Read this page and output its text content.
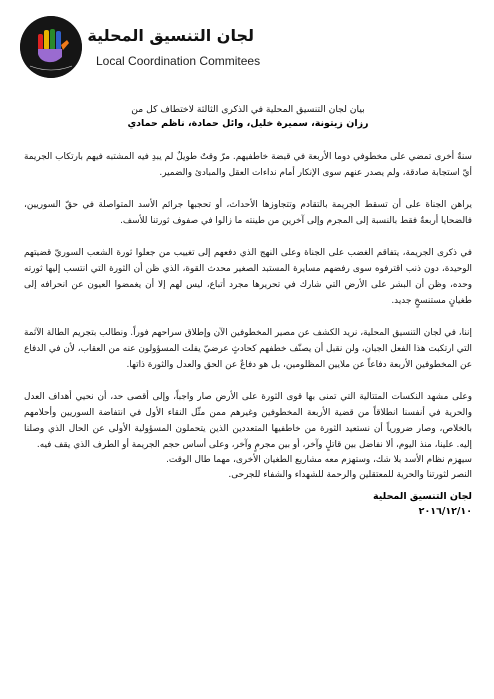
لجان التنسيق المحلية
Local Coordination Commitees
بيان لجان التنسيق المحلية في الذكرى الثالثة لاختطاف كل من
رزان زيتونة، سميرة خليل، وائل حمادة، ناظم حمادي

سنةٌ أخرى تمضي على مخطوفي دوما الأربعة في قبضة خاطفيهم. مرّ وقتٌ طويلٌ لم يبدِ فيه المشتبه فيهم بارتكاب الجريمة أيّ استجابة صادقة، ولم يصدر عنهم سوى الإنكار أمام نداءات العقل والمبادئ والضمير.

يراهن الجناة على أن تسقط الجريمة بالتقادم وتتجاوزها الأحداث، أو تحجبها جرائم الأسد المتواصلة في حقّ السوريين، فالضحايا أربعةٌ فقط بالنسبة إلى المجرم وإلى آخرين من طينته ما زالوا في صفوف ثورتنا للأسف.

في ذكرى الجريمة، يتفاقم الغضب على الجناة وعلى النهج الذي دفعهم إلى تغييب من جعلوا ثورة الشعب السوريّ قضيتهم الوحيدة، دون ذنب اقترفوه سوى رفضهم مسايرة المستبد الصغير محدث القوة، الذي ظن أن الثورة التي انتسب إليها ثورته وحده، وظن أن البشر على الأرض التي شارك في تحريرها مجرد أتباع، ليس لهم إلا أن يغمضوا العيون عن انحرافه إلى طغيانٍ مستنسخٍ جديد.

إننا، في لجان التنسيق المحلية، نريد الكشف عن مصير المخطوفين الآن وإطلاق سراحهم فوراً. ونطالب بتجريم الطالة الآثمة التي ارتكبت هذا الفعل الجبان، ولن نقبل أن يصنّف خطفهم كحادثٍ عرضيّ يفلت المسؤولون عنه من العقاب، لأن في الدفاع عن المخطوفين الأربعة دفاعاً عن ملايين المظلومين، بل هو دفاعٌ عن الحق والعدل والثورة ذاتها.

وعلى مشهد النكسات المتتالية التي تمنى بها قوى الثورة على الأرض صار واجباً، وإلى أقصى حد، أن نحيي أهداف العدل والحرية في أنفسنا انطلاقاً من قضية الأربعة المخطوفين وغيرهم ممن مثّل النقاء الأول في انتفاضة السوريين وأحلامهم بالخلاص، وصار ضرورياً أن نستعيد الثورة من خاطفيها المتعددين الذين يتحملون المسؤولية الأولى عن الحال الذي وصلنا إليه. علينا، منذ اليوم، ألا نفاضل بين قاتلٍ وآخر، أو بين مجرمٍ وآخر، وعلى أساس حجم الجريمة أو الطرف الذي يقف فيه.

سيهزم نظام الأسد بلا شك، وستهزم معه مشاريع الطغيان الأخرى، مهما طال الوقت.

النصر لثورتنا والحرية للمعتقلين والرحمة للشهداء والشفاء للجرحى.

لجان التنسيق المحلية

٢٠١٦/١٢/١٠
